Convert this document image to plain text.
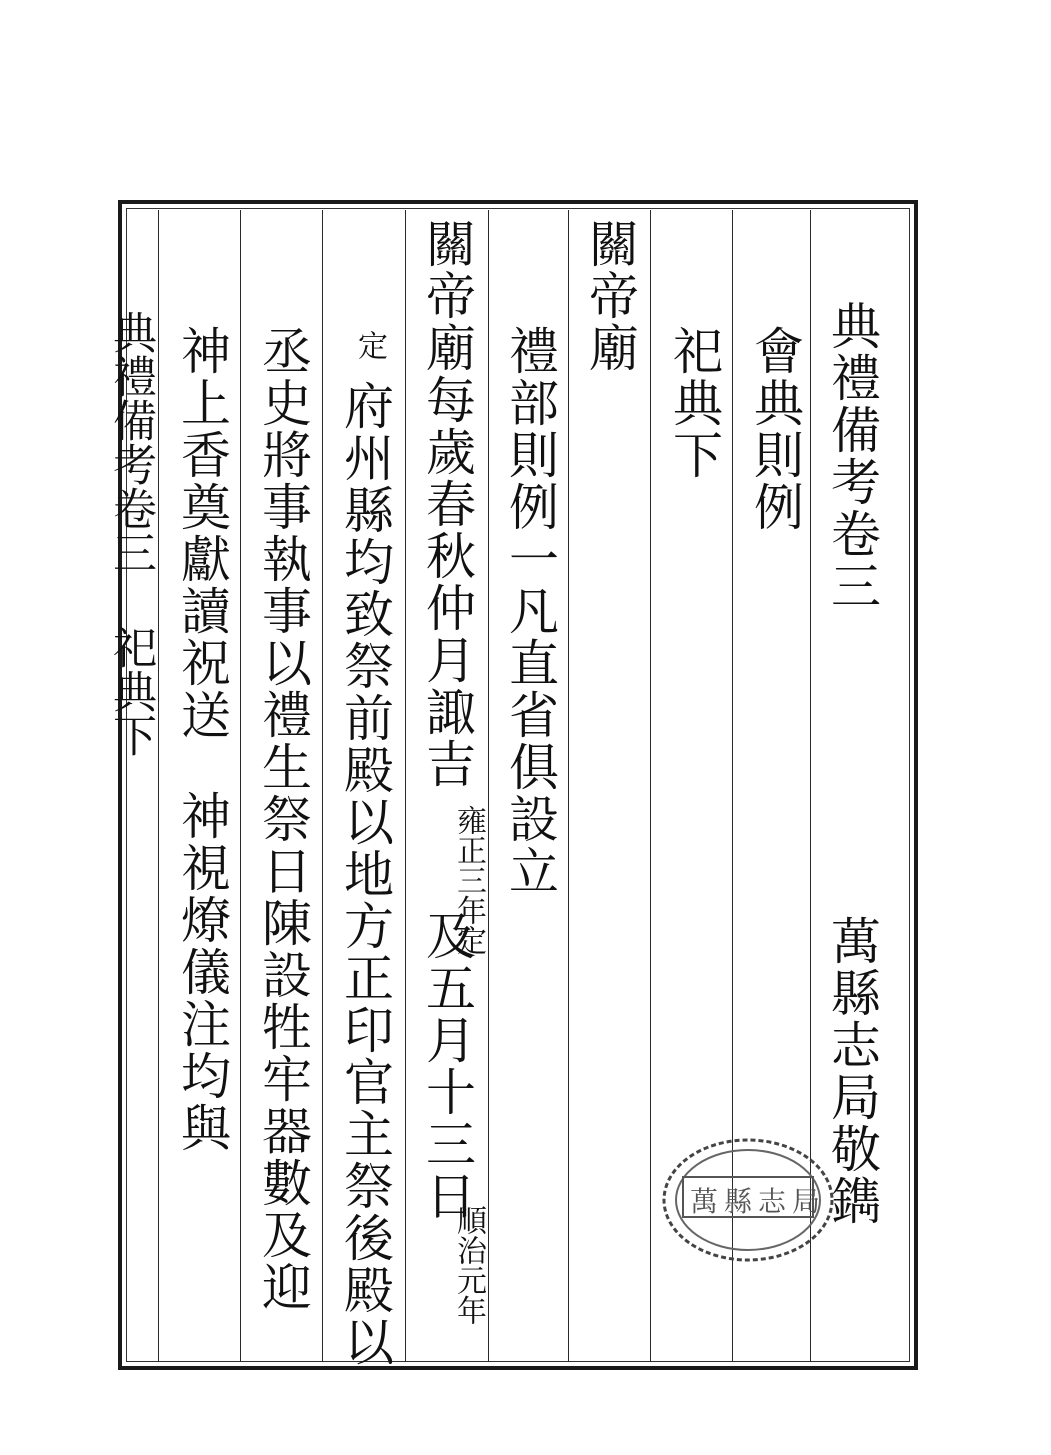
典禮備考卷三
萬縣志局敬鐫
會典則例
祀典下
關帝廟
禮部則例一凡直省俱設立
關帝廟每歲春秋仲月諏吉
雍正三年定
及五月十三日
順治元年
定
府州縣均致祭前殿以地方正印官主祭後殿以
丞史將事執事以禮生祭日陳設牲牢器數及迎
神上香奠獻讀祝送
神視燎儀注均與
典禮備考卷三 祀典下
萬縣志局
